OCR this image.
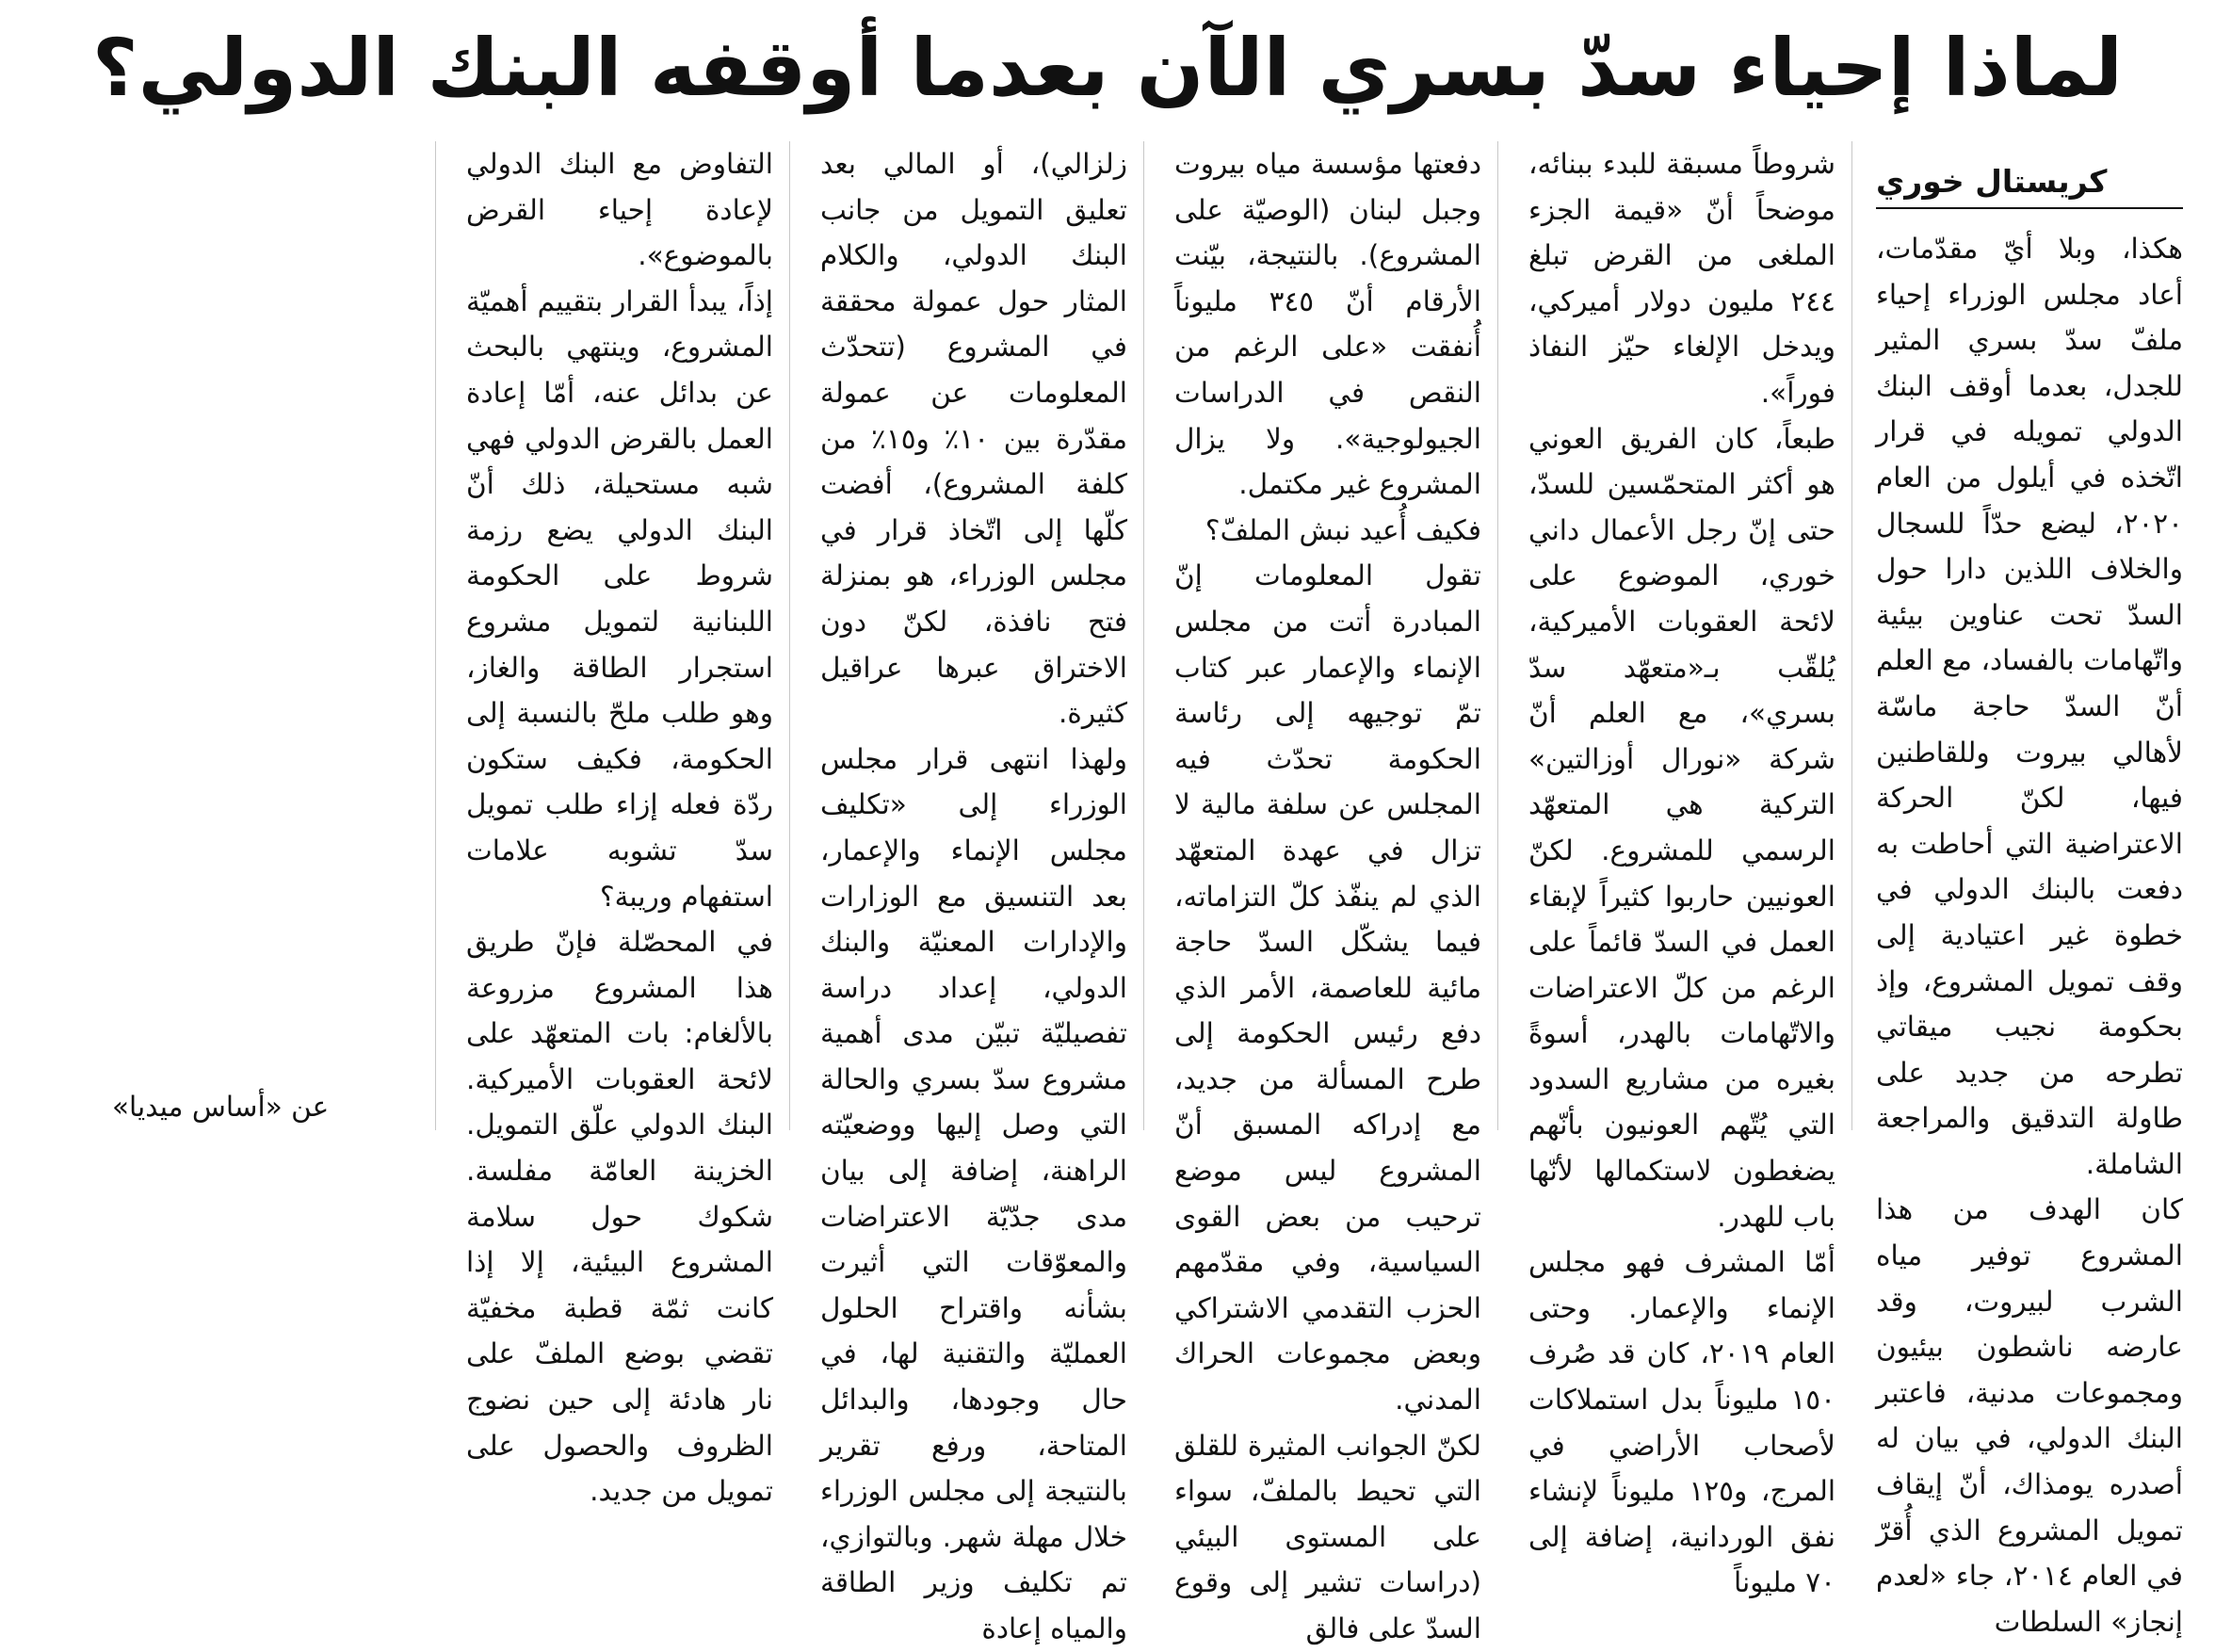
لماذا إحياء سدّ بسري الآن بعدما أوقفه البنك الدولي؟
كريستال خوري

هكذا، وبلا أيّ مقدّمات، أعاد مجلس الوزراء إحياء ملفّ سدّ بسري المثير للجدل، بعدما أوقف البنك الدولي تمويله في قرار اتّخذه في أيلول من العام ٢٠٢٠، ليضع حدّاً للسجال والخلاف اللذين دارا حول السدّ تحت عناوين بيئية واتّهامات بالفساد، مع العلم أنّ السدّ حاجة ماسّة لأهالي بيروت وللقاطنين فيها، لكنّ الحركة الاعتراضية التي أحاطت به دفعت بالبنك الدولي في خطوة غير اعتيادية إلى وقف تمويل المشروع، وإذ بحكومة نجيب ميقاتي تطرحه من جديد على طاولة التدقيق والمراجعة الشاملة.

كان الهدف من هذا المشروع توفير مياه الشرب لبيروت، وقد عارضه ناشطون بيئيون ومجموعات مدنية، فاعتبر البنك الدولي، في بيان له أصدره يومذاك، أنّ إيقاف تمويل المشروع الذي أُقرّ في العام ٢٠١٤، جاء «لعدم إنجاز» السلطات

شروطاً مسبقة للبدء ببنائه، موضحاً أنّ «قيمة الجزء الملغى من القرض تبلغ ٢٤٤ مليون دولار أميركي، ويدخل الإلغاء حيّز النفاذ فوراً».

طبعاً، كان الفريق العوني هو أكثر المتحمّسين للسدّ، حتى إنّ رجل الأعمال داني خوري، الموضوع على لائحة العقوبات الأميركية، يُلقّب بـ«متعهّد سدّ بسري»، مع العلم أنّ شركة «نورال أوزالتين» التركية هي المتعهّد الرسمي للمشروع. لكنّ العونيين حاربوا كثيراً لإبقاء العمل في السدّ قائماً على الرغم من كلّ الاعتراضات والاتّهامات بالهدر، أسوةً بغيره من مشاريع السدود التي يُتّهم العونيون بأنّهم يضغطون لاستكمالها لأنّها باب للهدر.

أمّا المشرف فهو مجلس الإنماء والإعمار. وحتى العام ٢٠١٩، كان قد صُرف ١٥٠ مليوناً بدل استملاكات لأصحاب الأراضي في المرج، و١٢٥ مليوناً لإنشاء نفق الوردانية، إضافة إلى ٧٠ مليوناً

دفعتها مؤسسة مياه بيروت وجبل لبنان (الوصيّة على المشروع). بالنتيجة، بيّنت الأرقام أنّ ٣٤٥ مليوناً أُنفقت «على الرغم من النقص في الدراسات الجيولوجية». ولا يزال المشروع غير مكتمل.

فكيف أُعيد نبش الملفّ؟

تقول المعلومات إنّ المبادرة أتت من مجلس الإنماء والإعمار عبر كتاب تمّ توجيهه إلى رئاسة الحكومة تحدّث فيه المجلس عن سلفة مالية لا تزال في عهدة المتعهّد الذي لم ينفّذ كلّ التزاماته، فيما يشكّل السدّ حاجة مائية للعاصمة، الأمر الذي دفع رئيس الحكومة إلى طرح المسألة من جديد، مع إدراكه المسبق أنّ المشروع ليس موضع ترحيب من بعض القوى السياسية، وفي مقدّمهم الحزب التقدمي الاشتراكي وبعض مجموعات الحراك المدني.

لكنّ الجوانب المثيرة للقلق التي تحيط بالملفّ، سواء على المستوى البيئي (دراسات تشير إلى وقوع السدّ على فالق

زلزالي)، أو المالي بعد تعليق التمويل من جانب البنك الدولي، والكلام المثار حول عمولة محققة في المشروع (تتحدّث المعلومات عن عمولة مقدّرة بين ١٠٪ و١٥٪ من كلفة المشروع)، أفضت كلّها إلى اتّخاذ قرار في مجلس الوزراء، هو بمنزلة فتح نافذة، لكنّ دون الاختراق عبرها عراقيل كثيرة.

ولهذا انتهى قرار مجلس الوزراء إلى «تكليف مجلس الإنماء والإعمار، بعد التنسيق مع الوزارات والإدارات المعنيّة والبنك الدولي، إعداد دراسة تفصيليّة تبيّن مدى أهمية مشروع سدّ بسري والحالة التي وصل إليها ووضعيّته الراهنة، إضافة إلى بيان مدى جدّيّة الاعتراضات والمعوّقات التي أثيرت بشأنه واقتراح الحلول العمليّة والتقنية لها، في حال وجودها، والبدائل المتاحة، ورفع تقرير بالنتيجة إلى مجلس الوزراء خلال مهلة شهر. وبالتوازي، تم تكليف وزير الطاقة والمياه إعادة

التفاوض مع البنك الدولي لإعادة إحياء القرض بالموضوع».

إذاً، يبدأ القرار بتقييم أهميّة المشروع، وينتهي بالبحث عن بدائل عنه، أمّا إعادة العمل بالقرض الدولي فهي شبه مستحيلة، ذلك أنّ البنك الدولي يضع رزمة شروط على الحكومة اللبنانية لتمويل مشروع استجرار الطاقة والغاز، وهو طلب ملحّ بالنسبة إلى الحكومة، فكيف ستكون ردّة فعله إزاء طلب تمويل سدّ تشوبه علامات استفهام وريبة؟

في المحصّلة فإنّ طريق هذا المشروع مزروعة بالألغام: بات المتعهّد على لائحة العقوبات الأميركية. البنك الدولي علّق التمويل. الخزينة العامّة مفلسة. شكوك حول سلامة المشروع البيئية، إلا إذا كانت ثمّة قطبة مخفيّة تقضي بوضع الملفّ على نار هادئة إلى حين نضوج الظروف والحصول على تمويل من جديد.

عن «أساس ميديا»
